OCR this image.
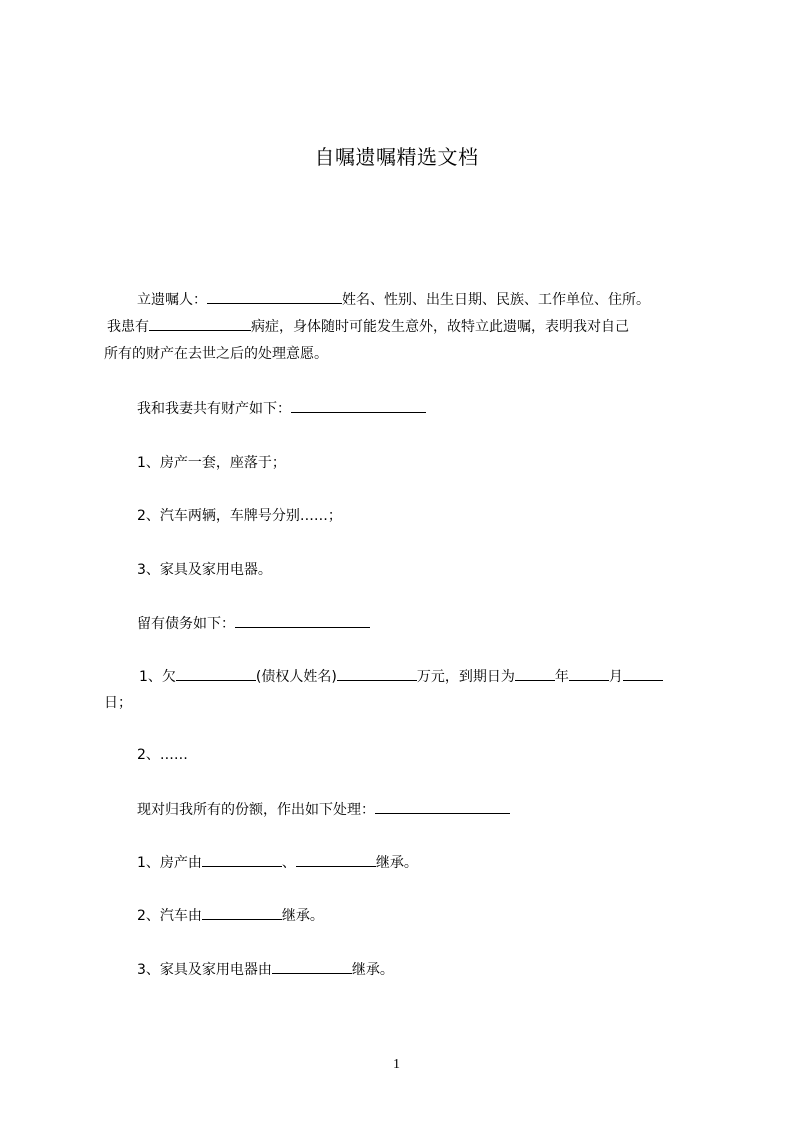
自嘱遗嘱精选文档
立遗嘱人：	姓名、性别、出生日期、民族、工作单位、住所。
我患有	病症，身体随时可能发生意外，故特立此遗嘱，表明我对自己
所有的财产在去世之后的处理意愿。
我和我妻共有财产如下：
1、房产一套，座落于；
2、汽车两辆，车牌号分别……；
3、家具及家用电器。
留有债务如下：
1、欠	(债权人姓名)	万元，到期日为	年	月
日；
2、……
现对归我所有的份额，作出如下处理：
1、房产由	、	继承。
2、汽车由	继承。
3、家具及家用电器由	继承。
1
